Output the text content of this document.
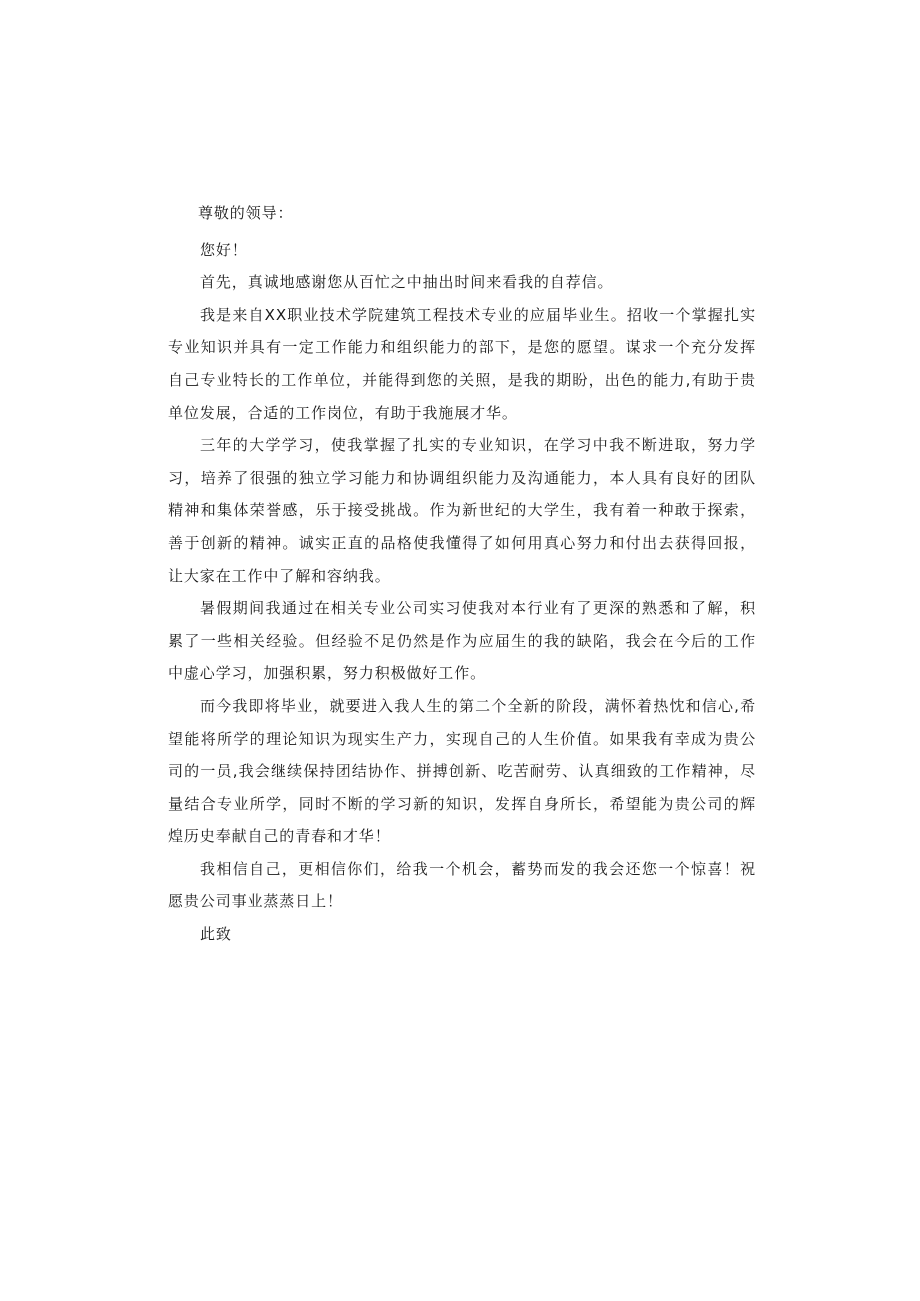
尊敬的领导：

您好！

首先，真诚地感谢您从百忙之中抽出时间来看我的自荐信。

我是来自XX职业技术学院建筑工程技术专业的应届毕业生。招收一个掌握扎实专业知识并具有一定工作能力和组织能力的部下，是您的愿望。谋求一个充分发挥自己专业特长的工作单位，并能得到您的关照，是我的期盼，出色的能力,有助于贵单位发展，合适的工作岗位，有助于我施展才华。

三年的大学学习，使我掌握了扎实的专业知识，在学习中我不断进取，努力学习，培养了很强的独立学习能力和协调组织能力及沟通能力，本人具有良好的团队精神和集体荣誉感，乐于接受挑战。作为新世纪的大学生，我有着一种敢于探索，善于创新的精神。诚实正直的品格使我懂得了如何用真心努力和付出去获得回报，让大家在工作中了解和容纳我。

暑假期间我通过在相关专业公司实习使我对本行业有了更深的熟悉和了解，积累了一些相关经验。但经验不足仍然是作为应届生的我的缺陷，我会在今后的工作中虚心学习，加强积累，努力积极做好工作。

而今我即将毕业，就要进入我人生的第二个全新的阶段，满怀着热忱和信心,希望能将所学的理论知识为现实生产力，实现自己的人生价值。如果我有幸成为贵公司的一员,我会继续保持团结协作、拼搏创新、吃苦耐劳、认真细致的工作精神，尽量结合专业所学，同时不断的学习新的知识，发挥自身所长，希望能为贵公司的辉煌历史奉献自己的青春和才华！

我相信自己，更相信你们，给我一个机会，蓄势而发的我会还您一个惊喜！祝愿贵公司事业蒸蒸日上！

此致
